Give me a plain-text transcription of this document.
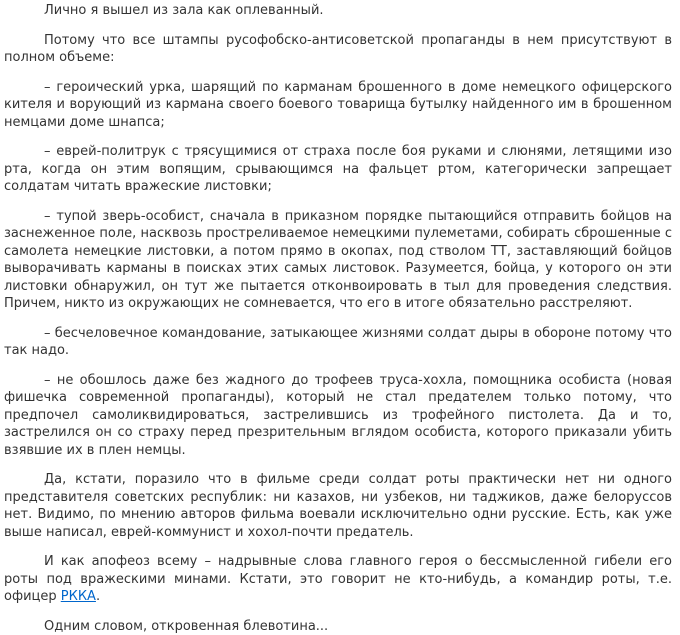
Лично я вышел из зала как оплеванный.

Потому что все штампы русофобско-антисоветской пропаганды в нем присутствуют в полном объеме:

– героический урка, шарящий по карманам брошенного в доме немецкого офицерского кителя и ворующий из кармана своего боевого товарища бутылку найденного им в брошенном немцами доме шнапса;

– еврей-политрук с трясущимися от страха после боя руками и слюнями, летящими изо рта, когда он этим вопящим, срывающимся на фальцет ртом, категорически запрещает солдатам читать вражеские листовки;

– тупой зверь-особист, сначала в приказном порядке пытающийся отправить бойцов на заснеженное поле, насквозь простреливаемое немецкими пулеметами, собирать сброшенные с самолета немецкие листовки, а потом прямо в окопах, под стволом ТТ, заставляющий бойцов выворачивать карманы в поисках этих самых листовок. Разумеется, бойца, у которого он эти листовки обнаружил, он тут же пытается отконвоировать в тыл для проведения следствия. Причем, никто из окружающих не сомневается, что его в итоге обязательно расстреляют.

– бесчеловечное командование, затыкающее жизнями солдат дыры в обороне потому что так надо.

– не обошлось даже без жадного до трофеев труса-хохла, помощника особиста (новая фишечка современной пропаганды), который не стал предателем только потому, что предпочел самоликвидироваться, застрелившись из трофейного пистолета. Да и то, застрелился он со страху перед презрительным вглядом особиста, которого приказали убить взявшие их в плен немцы.

Да, кстати, поразило что в фильме среди солдат роты практически нет ни одного представителя советских республик: ни казахов, ни узбеков, ни таджиков, даже белоруссов нет. Видимо, по мнению авторов фильма воевали исключительно одни русские. Есть, как уже выше написал, еврей-коммунист и хохол-почти предатель.

И как апофеоз всему – надрывные слова главного героя о бессмысленной гибели его роты под вражескими минами. Кстати, это говорит не кто-нибудь, а командир роты, т.е. офицер РККА.

Одним словом, откровенная блевотина...
